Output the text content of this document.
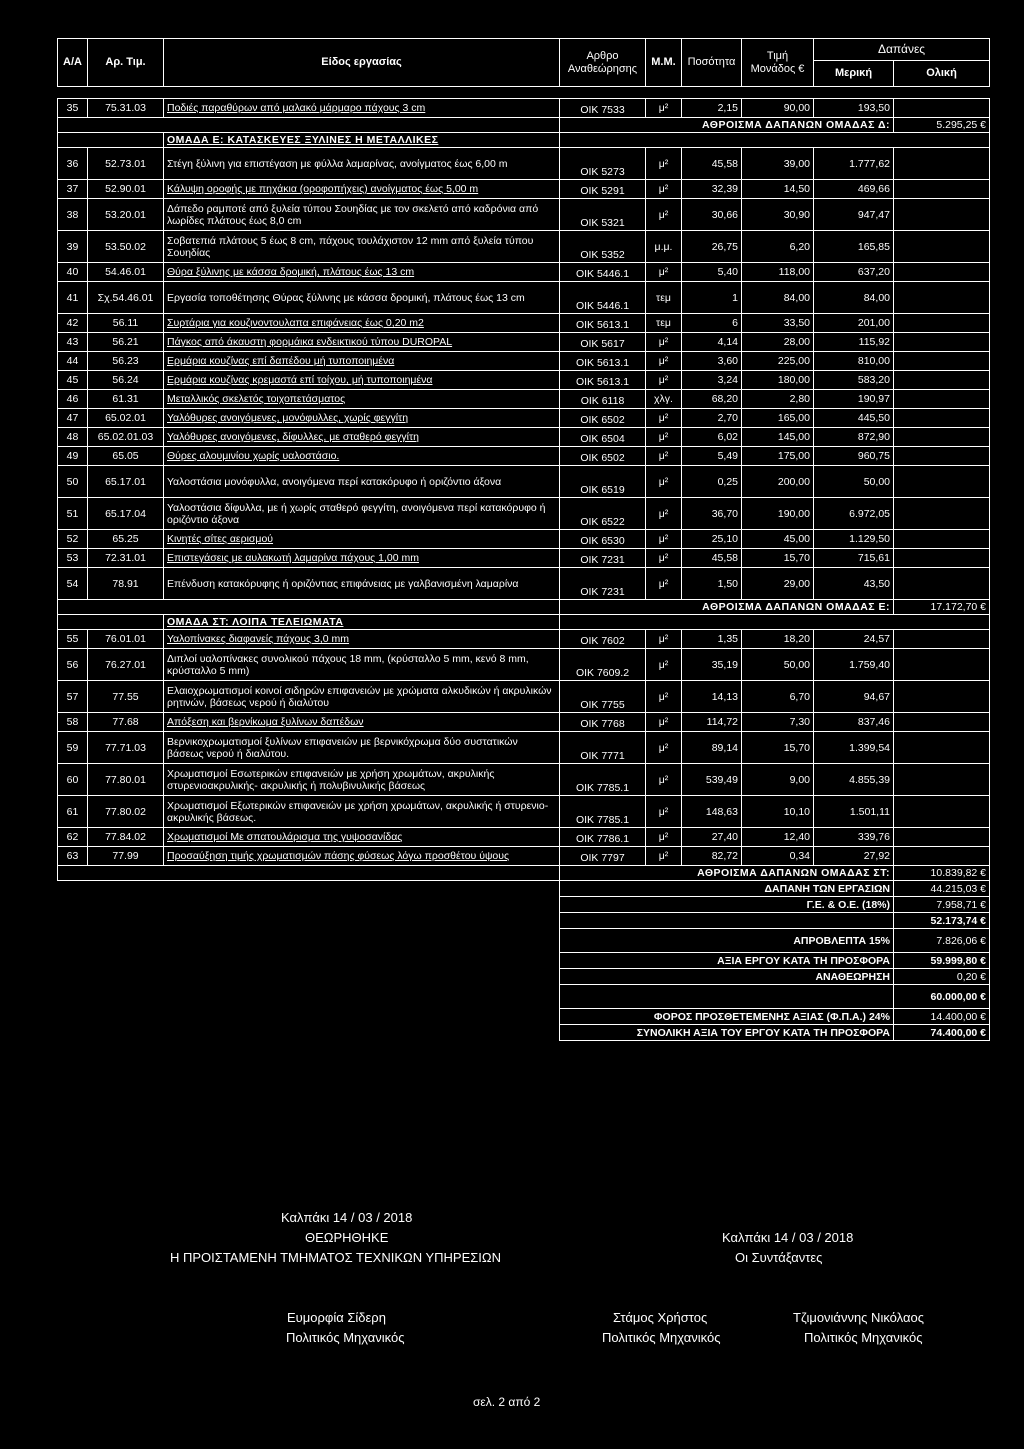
Α/Α	Αρ. Τιμ.	Είδος εργασίας	Αρθρο Αναθεώρησης	Μ.Μ.	Ποσότητα	Τιμή Μονάδος €	Δαπάνες	
							Μερική	Ολική

35	75.31.03	Ποδιές παραθύρων από μαλακό μάρμαρο πάχους 3 cm	ΟΙΚ 7533	μ²	2,15	90,00	193,50	
			ΑΘΡΟΙΣΜΑ ΔΑΠΑΝΩΝ ΟΜΑΔΑΣ Δ:					5.295,25 €
		ΟΜΑΔΑ Ε: ΚΑΤΑΣΚΕΥΕΣ ΞΥΛΙΝΕΣ Η ΜΕΤΑΛΛΙΚΕΣ						
36	52.73.01	Στέγη ξύλινη για επιστέγαση με φύλλα λαμαρίνας, ανοίγματος έως 6,00 m	ΟΙΚ 5273	μ²	45,58	39,00	1.777,62	
37	52.90.01	Κάλυψη οροφής με πηχάκια (οροφοπήχεις) ανοίγματος έως 5,00 m	ΟΙΚ 5291	μ²	32,39	14,50	469,66	
38	53.20.01	Δάπεδο ραμποτέ από ξυλεία τύπου Σουηδίας με τον σκελετό από καδρόνια από λωρίδες πλάτους έως 8,0 cm	ΟΙΚ 5321	μ²	30,66	30,90	947,47	
39	53.50.02	Σοβατεπιά πλάτους 5 έως 8 cm, πάχους τουλάχιστον 12 mm από ξυλεία τύπου Σουηδίας	ΟΙΚ 5352	μ.μ.	26,75	6,20	165,85	
40	54.46.01	Θύρα ξύλινης με κάσσα δρομική, πλάτους έως 13 cm	ΟΙΚ 5446.1	μ²	5,40	118,00	637,20	
41	Σχ.54.46.01	Εργασία τοποθέτησης Θύρας ξύλινης με κάσσα δρομική, πλάτους έως 13 cm	ΟΙΚ 5446.1	τεμ	1	84,00	84,00	
42	56.11	Συρτάρια για κουζινοντουλαπα επιφάνειας έως 0,20 m2	ΟΙΚ 5613.1	τεμ	6	33,50	201,00	
43	56.21	Πάγκος από άκαυστη φορμάικα ενδεικτικού τύπου DUROPAL	ΟΙΚ 5617	μ²	4,14	28,00	115,92	
44	56.23	Ερμάρια κουζίνας επί δαπέδου μή τυποποιημένα	ΟΙΚ 5613.1	μ²	3,60	225,00	810,00	
45	56.24	Ερμάρια κουζίνας κρεμαστά επί τοίχου, μή τυποποιημένα	ΟΙΚ 5613.1	μ²	3,24	180,00	583,20	
46	61.31	Μεταλλικός σκελετός τοιχοπετάσματος	ΟΙΚ 6118	χλγ.	68,20	2,80	190,97	
47	65.02.01	Υαλόθυρες ανοιγόμενες, μονόφυλλες, χωρίς φεγγίτη	ΟΙΚ 6502	μ²	2,70	165,00	445,50	
48	65.02.01.03	Υαλόθυρες ανοιγόμενες, δίφυλλες, με σταθερό φεγγίτη	ΟΙΚ 6504	μ²	6,02	145,00	872,90	
49	65.05	Θύρες αλουμινίου χωρίς υαλοστάσιο.	ΟΙΚ 6502	μ²	5,49	175,00	960,75	
50	65.17.01	Υαλοστάσια μονόφυλλα, ανοιγόμενα περί κατακόρυφο ή οριζόντιο άξονα	ΟΙΚ 6519	μ²	0,25	200,00	50,00	
51	65.17.04	Υαλοστάσια δίφυλλα, με ή χωρίς σταθερό φεγγίτη, ανοιγόμενα περί κατακόρυφο ή οριζόντιο άξονα	ΟΙΚ 6522	μ²	36,70	190,00	6.972,05	
52	65.25	Κινητές σίτες αερισμού	ΟΙΚ 6530	μ²	25,10	45,00	1.129,50	
53	72.31.01	Επιστεγάσεις με αυλακωτή λαμαρίνα πάχους 1,00 mm	ΟΙΚ 7231	μ²	45,58	15,70	715,61	
54	78.91	Επένδυση κατακόρυφης ή οριζόντιας επιφάνειας με γαλβανισμένη λαμαρίνα	ΟΙΚ 7231	μ²	1,50	29,00	43,50	
			ΑΘΡΟΙΣΜΑ ΔΑΠΑΝΩΝ ΟΜΑΔΑΣ Ε:					17.172,70 €
		ΟΜΑΔΑ ΣΤ: ΛΟΙΠΑ ΤΕΛΕΙΩΜΑΤΑ						
55	76.01.01	Υαλοπίνακες διαφανείς πάχους 3,0 mm	ΟΙΚ 7602	μ²	1,35	18,20	24,57	
56	76.27.01	Διπλοί υαλοπίνακες συνολικού πάχους 18 mm, (κρύσταλλο 5 mm, κενό 8 mm, κρύσταλλο 5 mm)	ΟΙΚ 7609.2	μ²	35,19	50,00	1.759,40	
57	77.55	Ελαιοχρωματισμοί κοινοί σιδηρών επιφανειών με χρώματα αλκυδικών ή ακρυλικών ρητινών, βάσεως νερού ή διαλύτου	ΟΙΚ 7755	μ²	14,13	6,70	94,67	
58	77.68	Απόξεση και βερνίκωμα ξυλίνων δαπέδων	ΟΙΚ 7768	μ²	114,72	7,30	837,46	
59	77.71.03	Βερνικοχρωματισμοί ξυλίνων επιφανειών με βερνικόχρωμα δύο συστατικών βάσεως νερού ή διαλύτου.	ΟΙΚ 7771	μ²	89,14	15,70	1.399,54	
60	77.80.01	Χρωματισμοί Εσωτερικών επιφανειών με χρήση χρωμάτων, ακρυλικής στυρενιοακρυλικής- ακρυλικής ή πολυβινυλικής βάσεως	ΟΙΚ 7785.1	μ²	539,49	9,00	4.855,39	
61	77.80.02	Χρωματισμοί Εξωτερικών επιφανειών με χρήση χρωμάτων, ακρυλικής ή στυρενιο-ακρυλικής βάσεως.	ΟΙΚ 7785.1	μ²	148,63	10,10	1.501,11	
62	77.84.02	Χρωματισμοί Με σπατουλάρισμα της γυψοσανίδας	ΟΙΚ 7786.1	μ²	27,40	12,40	339,76	
63	77.99	Προσαύξηση τιμής χρωματισμών πάσης φύσεως λόγω προσθέτου ύψους	ΟΙΚ 7797	μ²	82,72	0,34	27,92	
			ΑΘΡΟΙΣΜΑ ΔΑΠΑΝΩΝ ΟΜΑΔΑΣ ΣΤ:					10.839,82 €
			ΔΑΠΑΝΗ ΤΩΝ ΕΡΓΑΣΙΩΝ					44.215,03 €
			Γ.Ε. & Ο.Ε. (18%)					7.958,71 €
								52.173,74 €
			ΑΠΡΟΒΛΕΠΤΑ 15%					7.826,06 €
			ΑΞΙΑ ΕΡΓΟΥ ΚΑΤΑ ΤΗ ΠΡΟΣΦΟΡΑ					59.999,80 €
			ΑΝΑΘΕΩΡΗΣΗ					0,20 €
								60.000,00 €
			ΦΟΡΟΣ ΠΡΟΣΘΕΤΕΜΕΝΗΣ ΑΞΙΑΣ (Φ.Π.Α.) 24%					14.400,00 €
			ΣΥΝΟΛΙΚΗ ΑΞΙΑ ΤΟΥ ΕΡΓΟΥ ΚΑΤΑ ΤΗ ΠΡΟΣΦΟΡΑ					74.400,00 €
Καλπάκι 14 / 03 / 2018
ΘΕΩΡΗΘΗΚΕ
Η ΠΡΟΙΣΤΑΜΕΝΗ ΤΜΗΜΑΤΟΣ ΤΕΧΝΙΚΩΝ ΥΠΗΡΕΣΙΩΝ
Καλπάκι 14 / 03 / 2018
Οι Συντάξαντες
Ευμορφία Σίδερη
Πολιτικός Μηχανικός
Στάμος Χρήστος
Πολιτικός Μηχανικός
Τζιμονιάννης Νικόλαος
Πολιτικός Μηχανικός
σελ. 2 από 2
